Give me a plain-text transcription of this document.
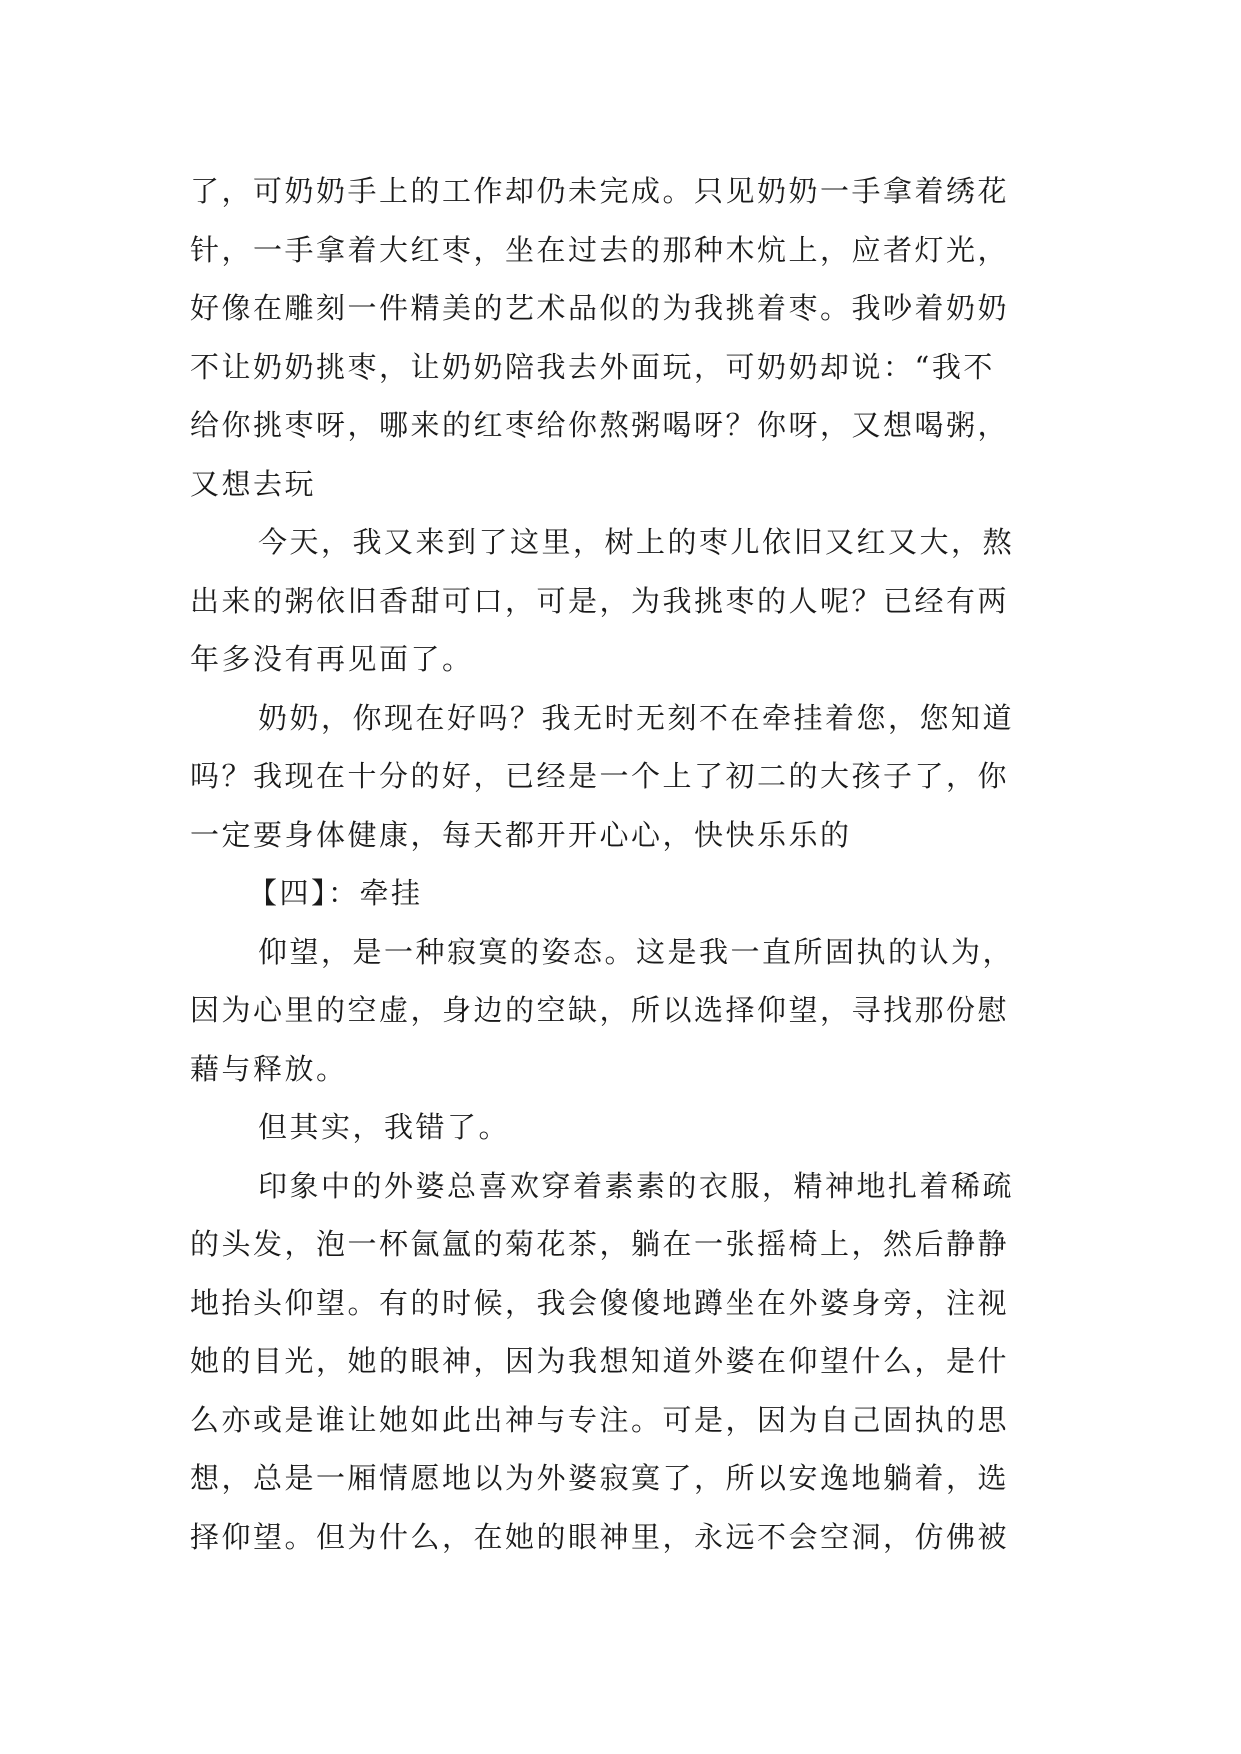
了，可奶奶手上的工作却仍未完成。只见奶奶一手拿着绣花
针，一手拿着大红枣，坐在过去的那种木炕上，应者灯光，
好像在雕刻一件精美的艺术品似的为我挑着枣。我吵着奶奶
不让奶奶挑枣，让奶奶陪我去外面玩，可奶奶却说：“我不
给你挑枣呀，哪来的红枣给你熬粥喝呀？你呀，又想喝粥，
又想去玩
今天，我又来到了这里，树上的枣儿依旧又红又大，熬
出来的粥依旧香甜可口，可是，为我挑枣的人呢？已经有两
年多没有再见面了。
奶奶，你现在好吗？我无时无刻不在牵挂着您，您知道
吗？我现在十分的好，已经是一个上了初二的大孩子了，你
一定要身体健康，每天都开开心心，快快乐乐的
【四】：牵挂
仰望，是一种寂寞的姿态。这是我一直所固执的认为，
因为心里的空虚，身边的空缺，所以选择仰望，寻找那份慰
藉与释放。
但其实，我错了。
印象中的外婆总喜欢穿着素素的衣服，精神地扎着稀疏
的头发，泡一杯氤氲的菊花茶，躺在一张摇椅上，然后静静
地抬头仰望。有的时候，我会傻傻地蹲坐在外婆身旁，注视
她的目光，她的眼神，因为我想知道外婆在仰望什么，是什
么亦或是谁让她如此出神与专注。可是，因为自己固执的思
想，总是一厢情愿地以为外婆寂寞了，所以安逸地躺着，选
择仰望。但为什么，在她的眼神里，永远不会空洞，仿佛被
